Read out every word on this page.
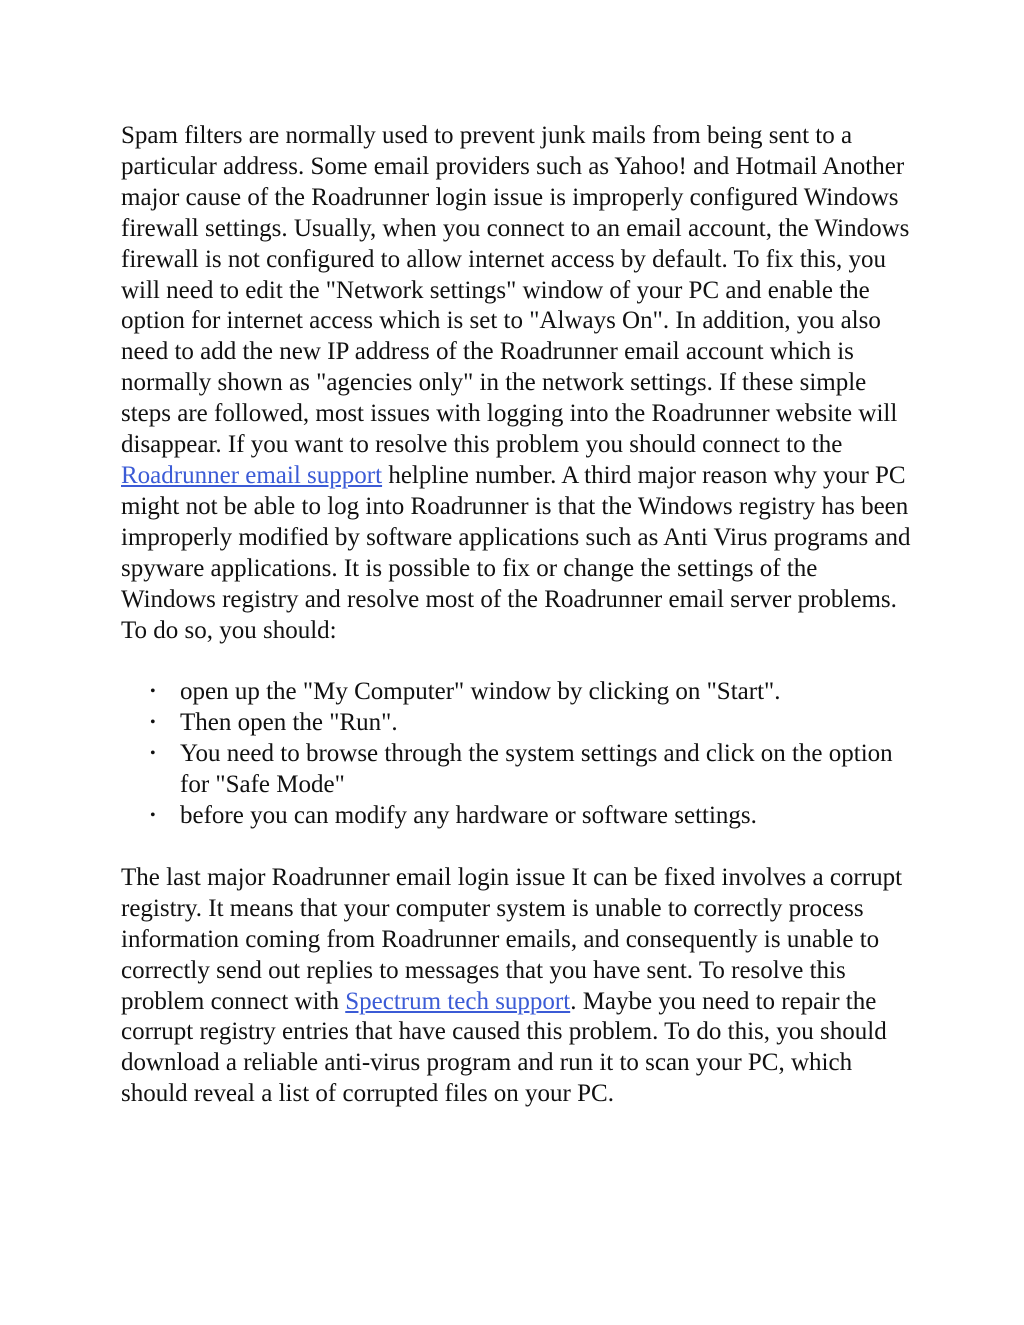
Spam filters are normally used to prevent junk mails from being sent to a particular address. Some email providers such as Yahoo! and Hotmail Another major cause of the Roadrunner login issue is improperly configured Windows firewall settings. Usually, when you connect to an email account, the Windows firewall is not configured to allow internet access by default. To fix this, you will need to edit the "Network settings" window of your PC and enable the option for internet access which is set to "Always On". In addition, you also need to add the new IP address of the Roadrunner email account which is normally shown as "agencies only" in the network settings. If these simple steps are followed, most issues with logging into the Roadrunner website will disappear. If you want to resolve this problem you should connect to the Roadrunner email support helpline number. A third major reason why your PC might not be able to log into Roadrunner is that the Windows registry has been improperly modified by software applications such as Anti Virus programs and spyware applications. It is possible to fix or change the settings of the Windows registry and resolve most of the Roadrunner email server problems. To do so, you should:

• open up the "My Computer" window by clicking on "Start".
• Then open the "Run".
• You need to browse through the system settings and click on the option for "Safe Mode"
• before you can modify any hardware or software settings.

The last major Roadrunner email login issue It can be fixed involves a corrupt registry. It means that your computer system is unable to correctly process information coming from Roadrunner emails, and consequently is unable to correctly send out replies to messages that you have sent. To resolve this problem connect with Spectrum tech support. Maybe you need to repair the corrupt registry entries that have caused this problem. To do this, you should download a reliable anti-virus program and run it to scan your PC, which should reveal a list of corrupted files on your PC.
